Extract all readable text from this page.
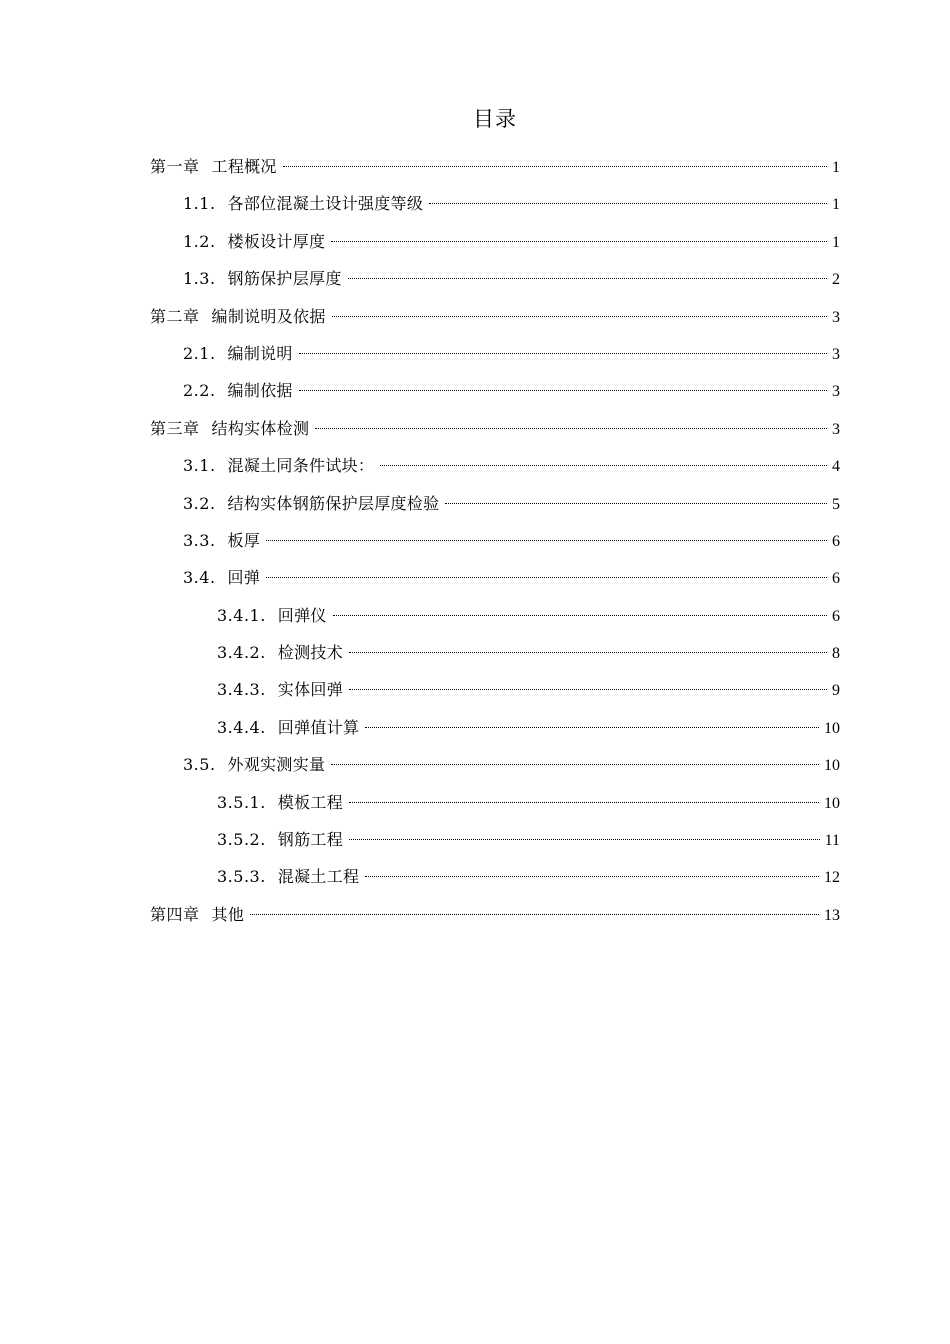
目录
第一章 工程概况	1
1.1. 各部位混凝土设计强度等级	1
1.2. 楼板设计厚度	1
1.3. 钢筋保护层厚度	2
第二章 编制说明及依据	3
2.1. 编制说明	3
2.2. 编制依据	3
第三章 结构实体检测	3
3.1. 混凝土同条件试块：	4
3.2. 结构实体钢筋保护层厚度检验	5
3.3. 板厚	6
3.4. 回弹	6
3.4.1. 回弹仪	6
3.4.2. 检测技术	8
3.4.3. 实体回弹	9
3.4.4. 回弹值计算	10
3.5. 外观实测实量	10
3.5.1. 模板工程	10
3.5.2. 钢筋工程	11
3.5.3. 混凝土工程	12
第四章 其他	13
